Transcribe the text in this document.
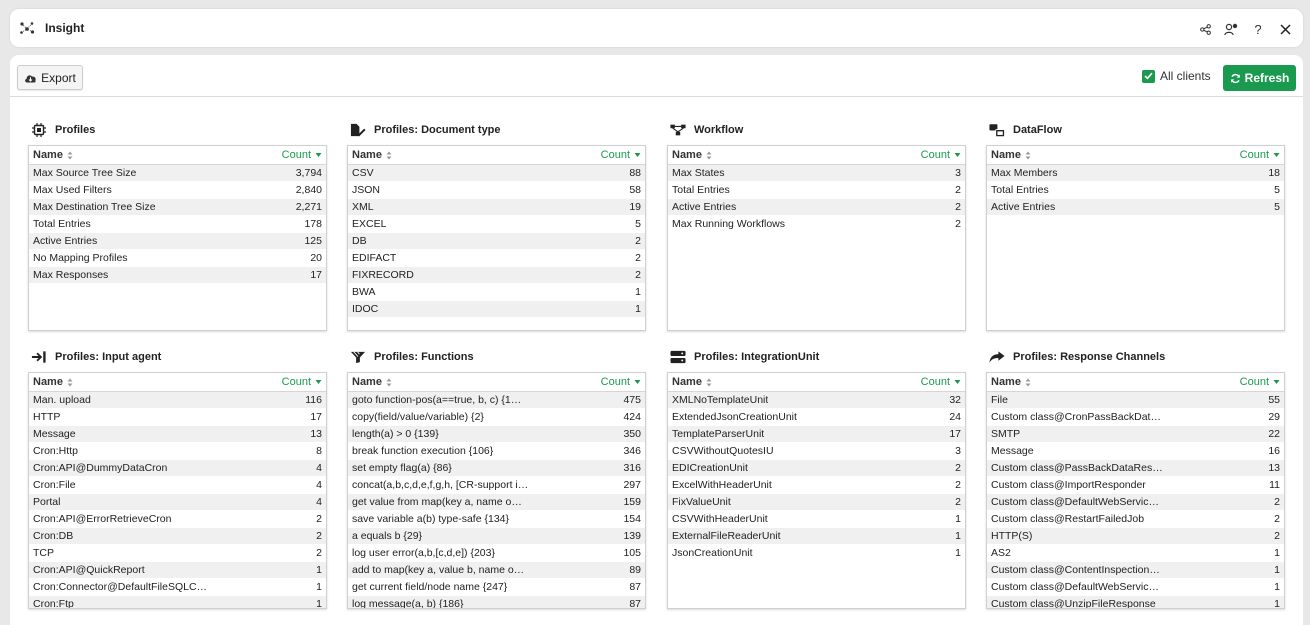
Insight	?
Export	All clients	Refresh
Profiles
Name	Count
Max Source Tree Size	3,794
Max Used Filters	2,840
Max Destination Tree Size	2,271
Total Entries	178
Active Entries	125
No Mapping Profiles	20
Max Responses	17
Profiles: Document type
Name	Count
CSV	88
JSON	58
XML	19
EXCEL	5
DB	2
EDIFACT	2
FIXRECORD	2
BWA	1
IDOC	1
Workflow
Name	Count
Max States	3
Total Entries	2
Active Entries	2
Max Running Workflows	2
DataFlow
Name	Count
Max Members	18
Total Entries	5
Active Entries	5
Profiles: Input agent
Name	Count
Man. upload	116
HTTP	17
Message	13
Cron:Http	8
Cron:API@DummyDataCron	4
Cron:File	4
Portal	4
Cron:API@ErrorRetrieveCron	2
Cron:DB	2
TCP	2
Cron:API@QuickReport	1
Cron:Connector@DefaultFileSQLC…	1
Cron:Ftp	1
Profiles: Functions
Name	Count
goto function-pos(a==true, b, c) {1…	475
copy(field/value/variable) {2}	424
length(a) > 0 {139}	350
break function execution {106}	346
set empty flag(a) {86}	316
concat(a,b,c,d,e,f,g,h, [CR-support i…	297
get value from map(key a, name o…	159
save variable a(b) type-safe {134}	154
a equals b {29}	139
log user error(a,b,[c,d,e]) {203}	105
add to map(key a, value b, name o…	89
get current field/node name {247}	87
log message(a, b) {186}	87
Profiles: IntegrationUnit
Name	Count
XMLNoTemplateUnit	32
ExtendedJsonCreationUnit	24
TemplateParserUnit	17
CSVWithoutQuotesIU	3
EDICreationUnit	2
ExcelWithHeaderUnit	2
FixValueUnit	2
CSVWithHeaderUnit	1
ExternalFileReaderUnit	1
JsonCreationUnit	1
Profiles: Response Channels
Name	Count
File	55
Custom class@CronPassBackDat…	29
SMTP	22
Message	16
Custom class@PassBackDataRes…	13
Custom class@ImportResponder	11
Custom class@DefaultWebServic…	2
Custom class@RestartFailedJob	2
HTTP(S)	2
AS2	1
Custom class@ContentInspection…	1
Custom class@DefaultWebServic…	1
Custom class@UnzipFileResponse	1
